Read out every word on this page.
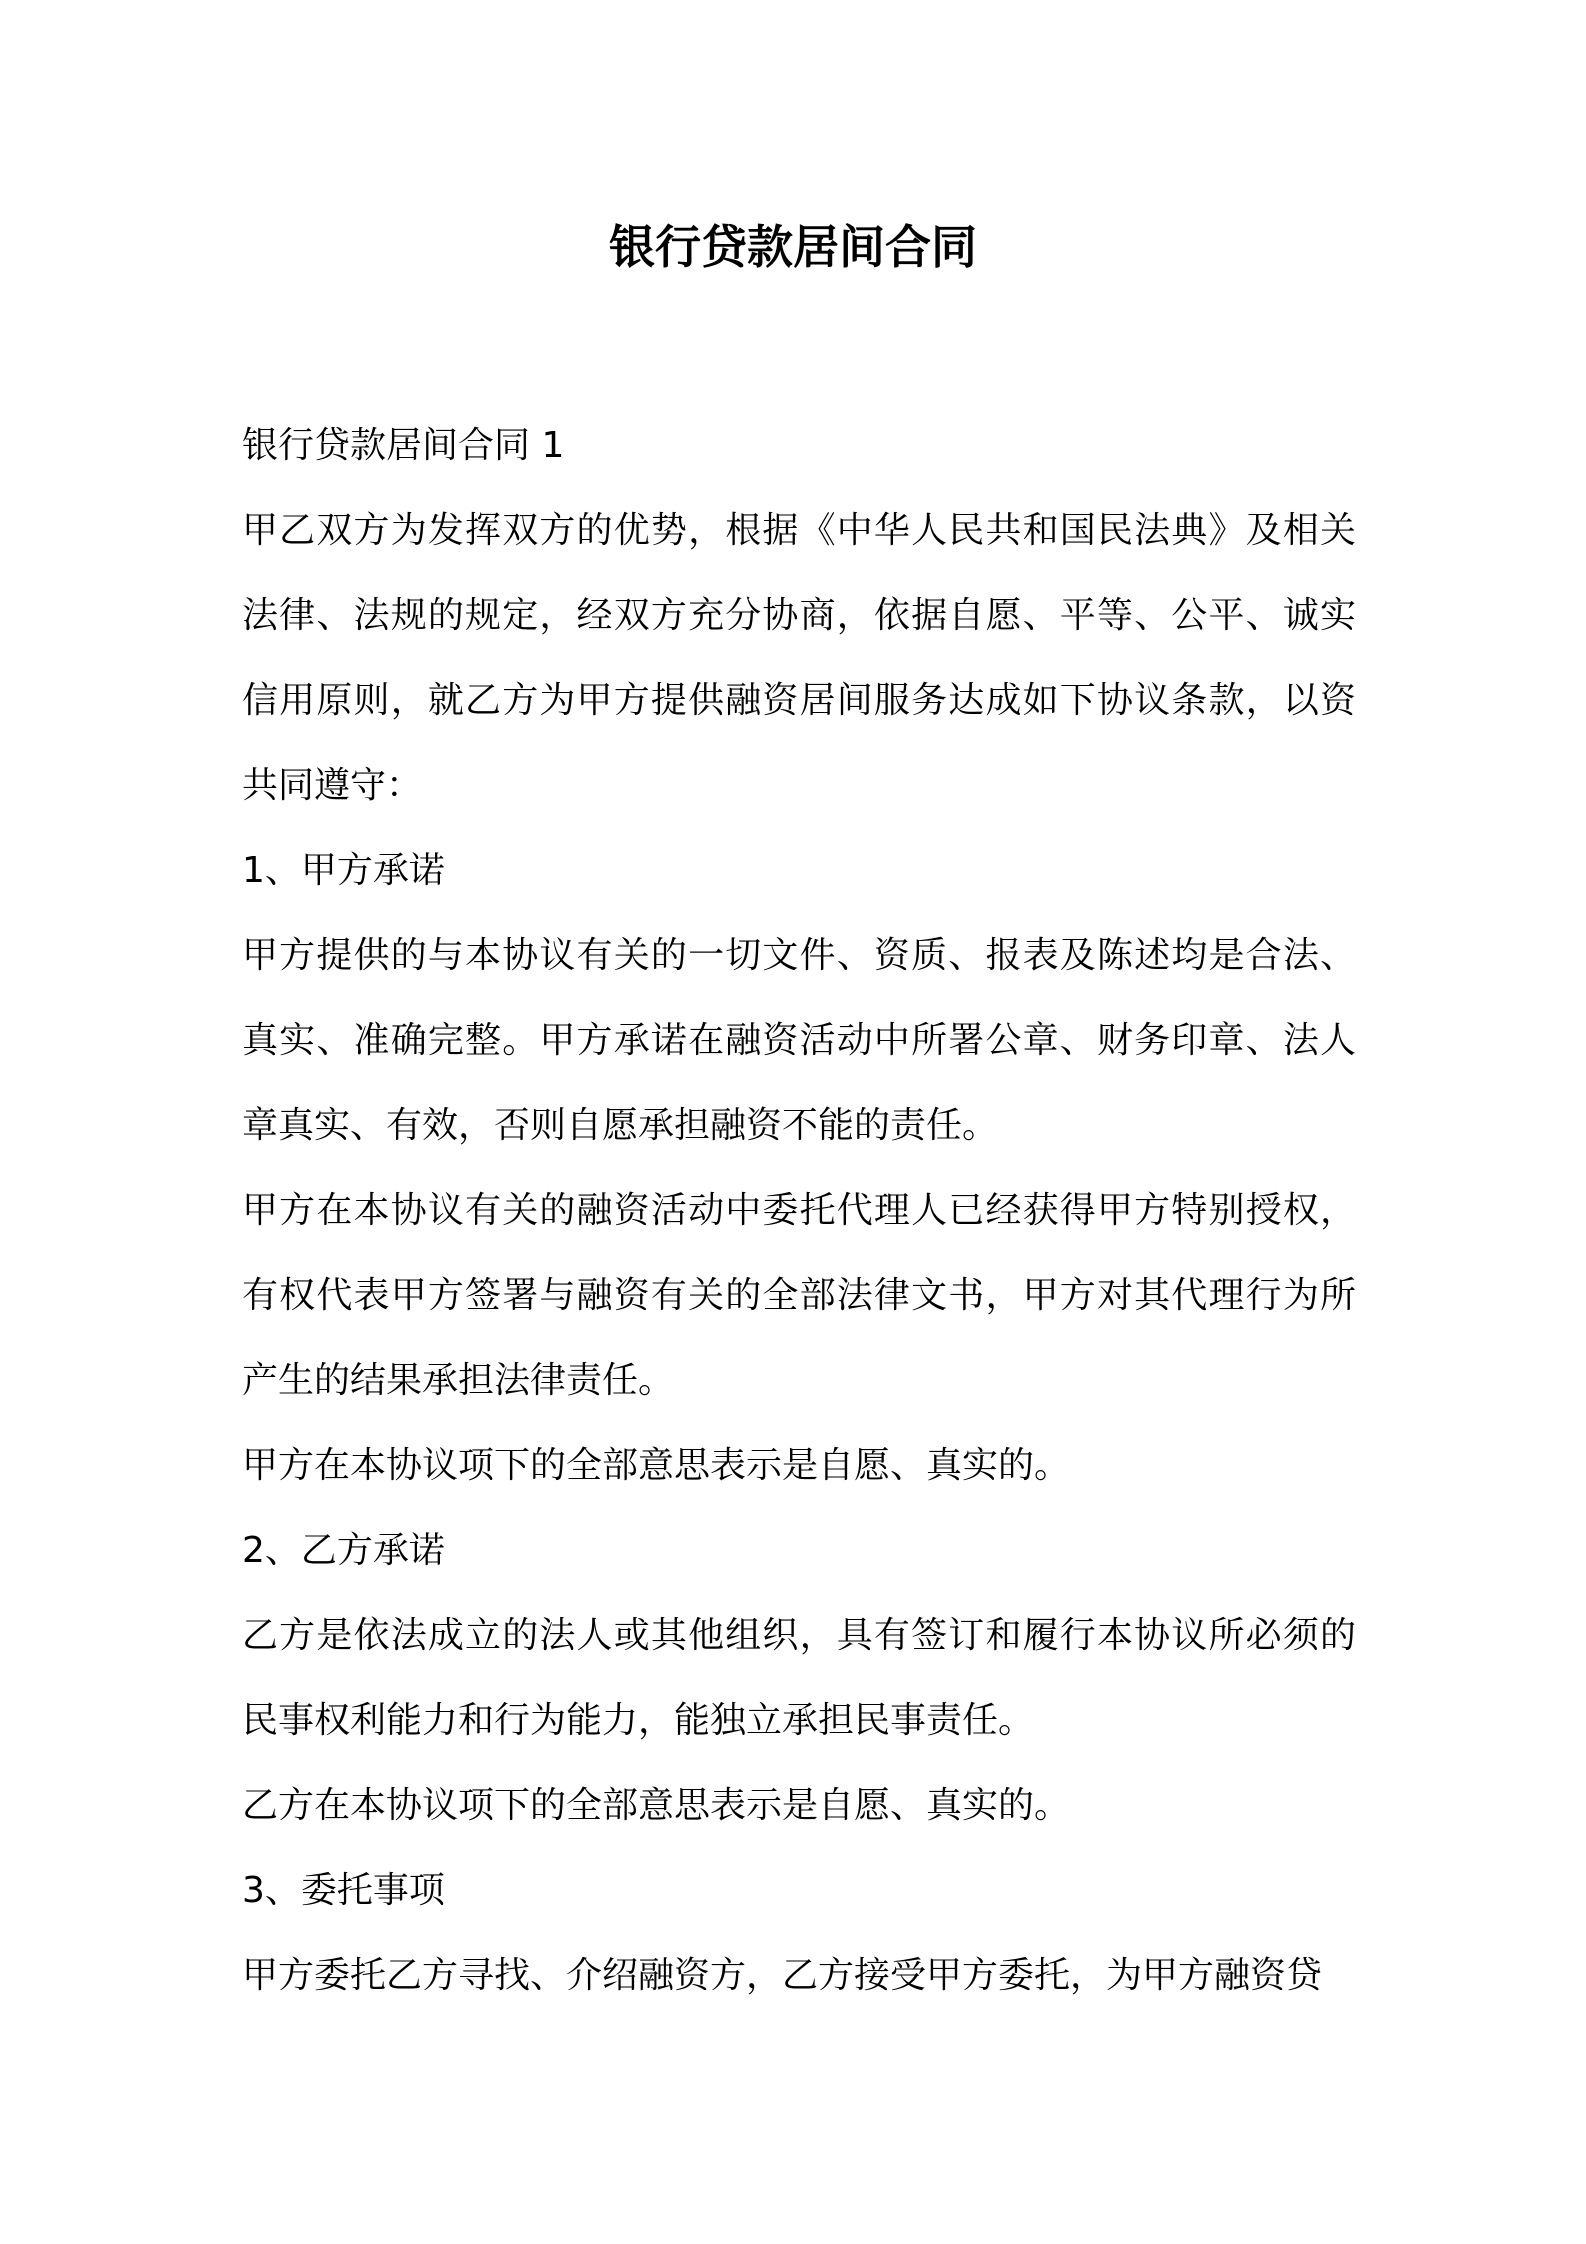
银行贷款居间合同

银行贷款居间合同 1

甲乙双方为发挥双方的优势，根据《中华人民共和国民法典》及相关法律、法规的规定，经双方充分协商，依据自愿、平等、公平、诚实信用原则，就乙方为甲方提供融资居间服务达成如下协议条款，以资共同遵守：

1、甲方承诺

甲方提供的与本协议有关的一切文件、资质、报表及陈述均是合法、真实、准确完整。甲方承诺在融资活动中所署公章、财务印章、法人章真实、有效，否则自愿承担融资不能的责任。

甲方在本协议有关的融资活动中委托代理人已经获得甲方特别授权，有权代表甲方签署与融资有关的全部法律文书，甲方对其代理行为所产生的结果承担法律责任。

甲方在本协议项下的全部意思表示是自愿、真实的。

2、乙方承诺

乙方是依法成立的法人或其他组织，具有签订和履行本协议所必须的民事权利能力和行为能力，能独立承担民事责任。

乙方在本协议项下的全部意思表示是自愿、真实的。

3、委托事项

甲方委托乙方寻找、介绍融资方，乙方接受甲方委托，为甲方融资贷
